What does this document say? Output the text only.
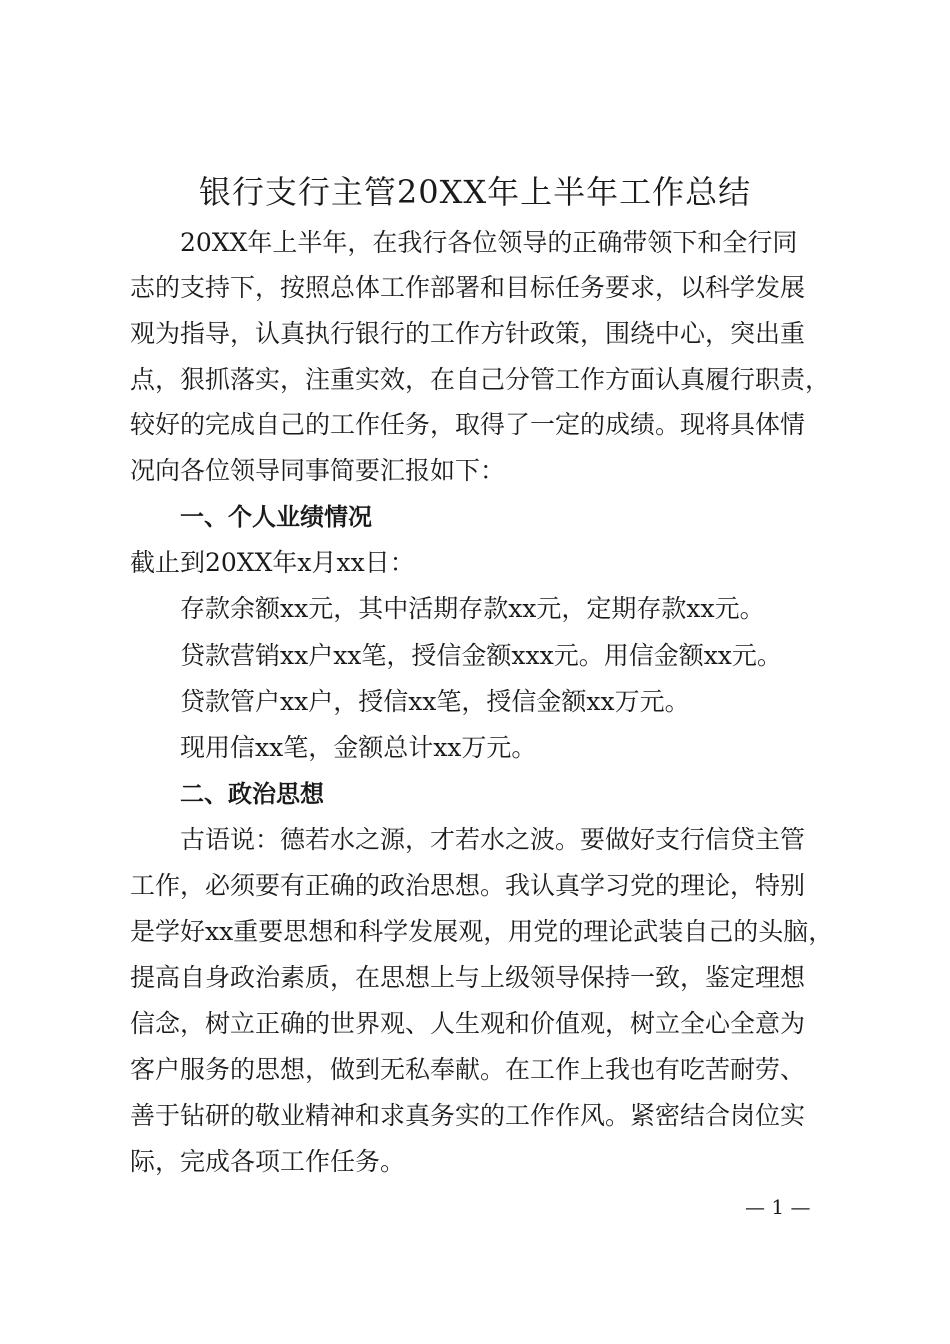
银行支行主管20XX年上半年工作总结
20XX年上半年，在我行各位领导的正确带领下和全行同
志的支持下，按照总体工作部署和目标任务要求，以科学发展
观为指导，认真执行银行的工作方针政策，围绕中心，突出重
点，狠抓落实，注重实效，在自己分管工作方面认真履行职责，
较好的完成自己的工作任务，取得了一定的成绩。现将具体情
况向各位领导同事简要汇报如下：
一、个人业绩情况
截止到20XX年x月xx日：
存款余额xx元，其中活期存款xx元，定期存款xx元。
贷款营销xx户xx笔，授信金额xxx元。用信金额xx元。
贷款管户xx户，授信xx笔，授信金额xx万元。
现用信xx笔，金额总计xx万元。
二、政治思想
古语说：德若水之源，才若水之波。要做好支行信贷主管
工作，必须要有正确的政治思想。我认真学习党的理论，特别
是学好xx重要思想和科学发展观，用党的理论武装自己的头脑，
提高自身政治素质，在思想上与上级领导保持一致，鉴定理想
信念，树立正确的世界观、人生观和价值观，树立全心全意为
客户服务的思想，做到无私奉献。在工作上我也有吃苦耐劳、
善于钻研的敬业精神和求真务实的工作作风。紧密结合岗位实
际，完成各项工作任务。
— 1 —
